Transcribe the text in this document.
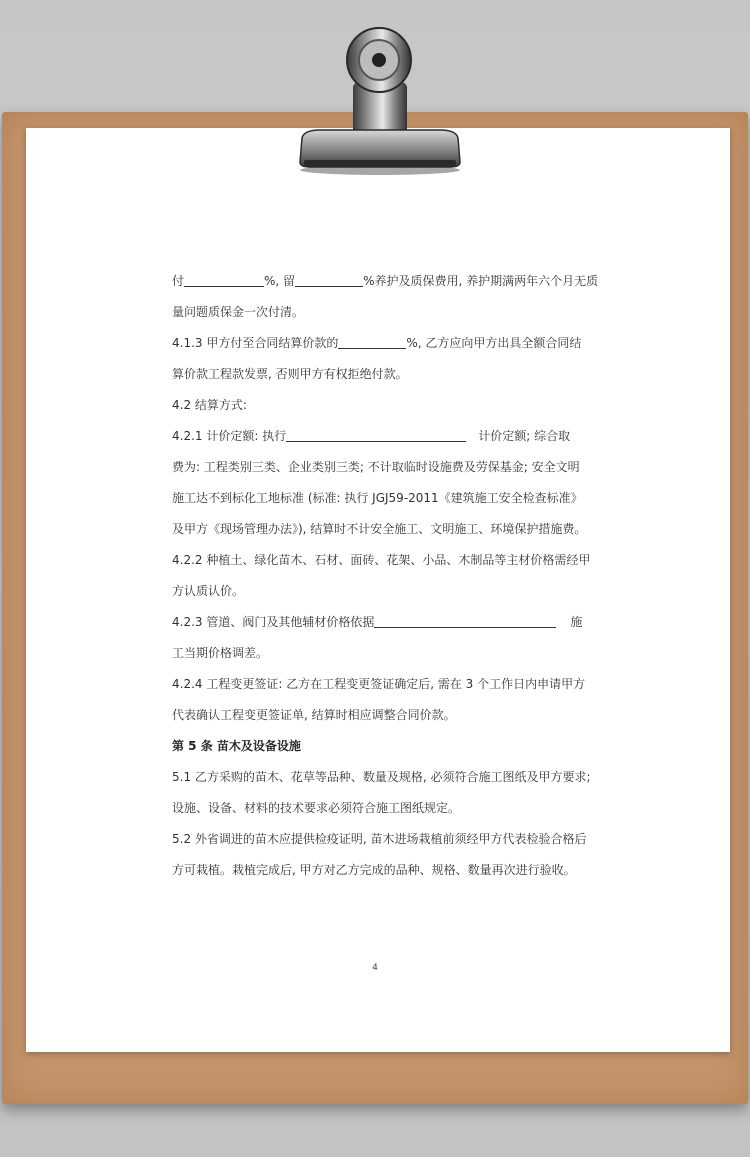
付	%, 留	%养护及质保费用, 养护期满两年六个月无质

量问题质保金一次付清。

4.1.3 甲方付至合同结算价款的	%, 乙方应向甲方出具全额合同结

算价款工程款发票, 否则甲方有权拒绝付款。

4.2 结算方式:

4.2.1 计价定额: 执行	计价定额; 综合取

费为: 工程类别三类、企业类别三类; 不计取临时设施费及劳保基金; 安全文明

施工达不到标化工地标准 (标准: 执行 JGJ59-2011《建筑施工安全检查标准》

及甲方《现场管理办法》), 结算时不计安全施工、文明施工、环境保护措施费。

4.2.2 种植土、绿化苗木、石材、面砖、花架、小品、木制品等主材价格需经甲

方认质认价。

4.2.3 管道、阀门及其他辅材价格依据	施

工当期价格调差。

4.2.4 工程变更签证: 乙方在工程变更签证确定后, 需在 3 个工作日内申请甲方

代表确认工程变更签证单, 结算时相应调整合同价款。

第 5 条 苗木及设备设施

5.1 乙方采购的苗木、花草等品种、数量及规格, 必须符合施工图纸及甲方要求;

设施、设备、材料的技术要求必须符合施工图纸规定。

5.2 外省调进的苗木应提供检疫证明, 苗木进场栽植前须经甲方代表检验合格后

方可栽植。栽植完成后, 甲方对乙方完成的品种、规格、数量再次进行验收。

4
